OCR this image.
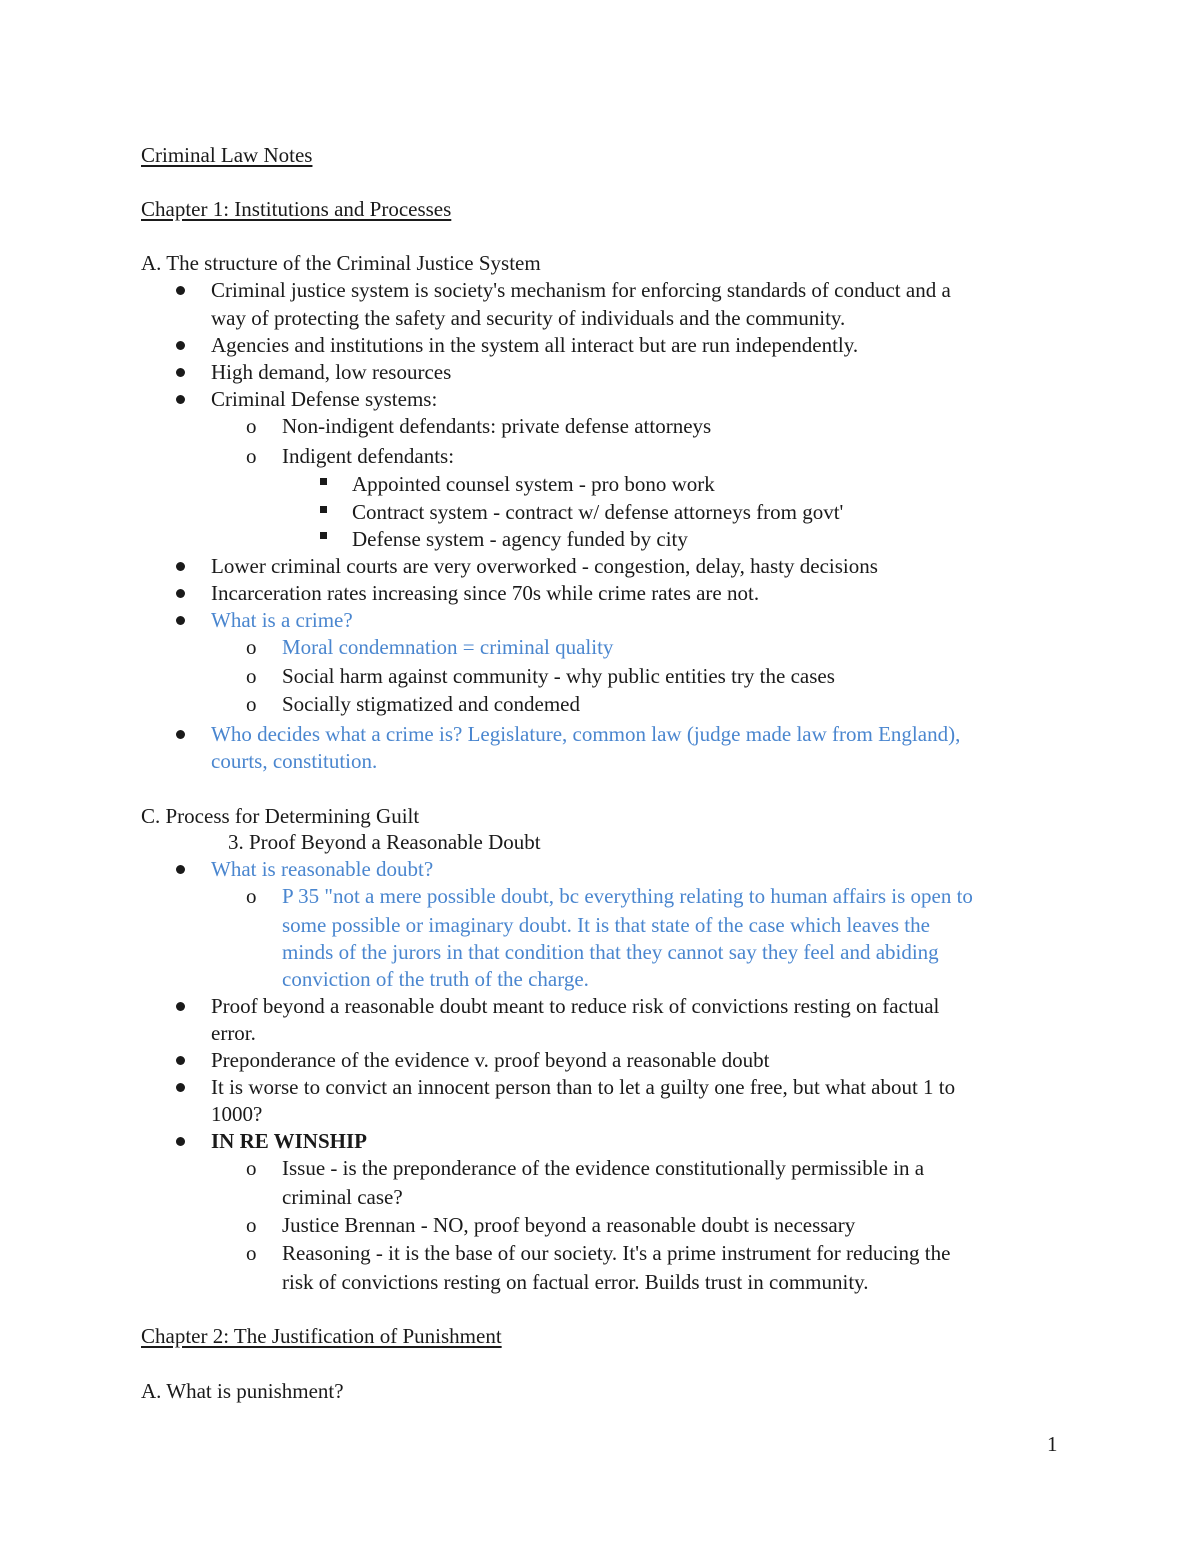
Criminal Law Notes
Chapter 1: Institutions and Processes
A. The structure of the Criminal Justice System
Criminal justice system is society's mechanism for enforcing standards of conduct and a
way of protecting the safety and security of individuals and the community.
Agencies and institutions in the system all interact but are run independently.
High demand, low resources
Criminal Defense systems:
o Non-indigent defendants: private defense attorneys
o Indigent defendants:
Appointed counsel system - pro bono work
Contract system - contract w/ defense attorneys from govt'
Defense system - agency funded by city
Lower criminal courts are very overworked - congestion, delay, hasty decisions
Incarceration rates increasing since 70s while crime rates are not.
What is a crime?
o Moral condemnation = criminal quality
o Social harm against community - why public entities try the cases
o Socially stigmatized and condemed
Who decides what a crime is? Legislature, common law (judge made law from England),
courts, constitution.
C. Process for Determining Guilt
3. Proof Beyond a Reasonable Doubt
What is reasonable doubt?
o P 35 "not a mere possible doubt, bc everything relating to human affairs is open to
some possible or imaginary doubt. It is that state of the case which leaves the
minds of the jurors in that condition that they cannot say they feel and abiding
conviction of the truth of the charge.
Proof beyond a reasonable doubt meant to reduce risk of convictions resting on factual
error.
Preponderance of the evidence v. proof beyond a reasonable doubt
It is worse to convict an innocent person than to let a guilty one free, but what about 1 to
1000?
IN RE WINSHIP
o Issue - is the preponderance of the evidence constitutionally permissible in a
criminal case?
o Justice Brennan - NO, proof beyond a reasonable doubt is necessary
o Reasoning - it is the base of our society. It's a prime instrument for reducing the
risk of convictions resting on factual error. Builds trust in community.
Chapter 2: The Justification of Punishment
A. What is punishment?
1
